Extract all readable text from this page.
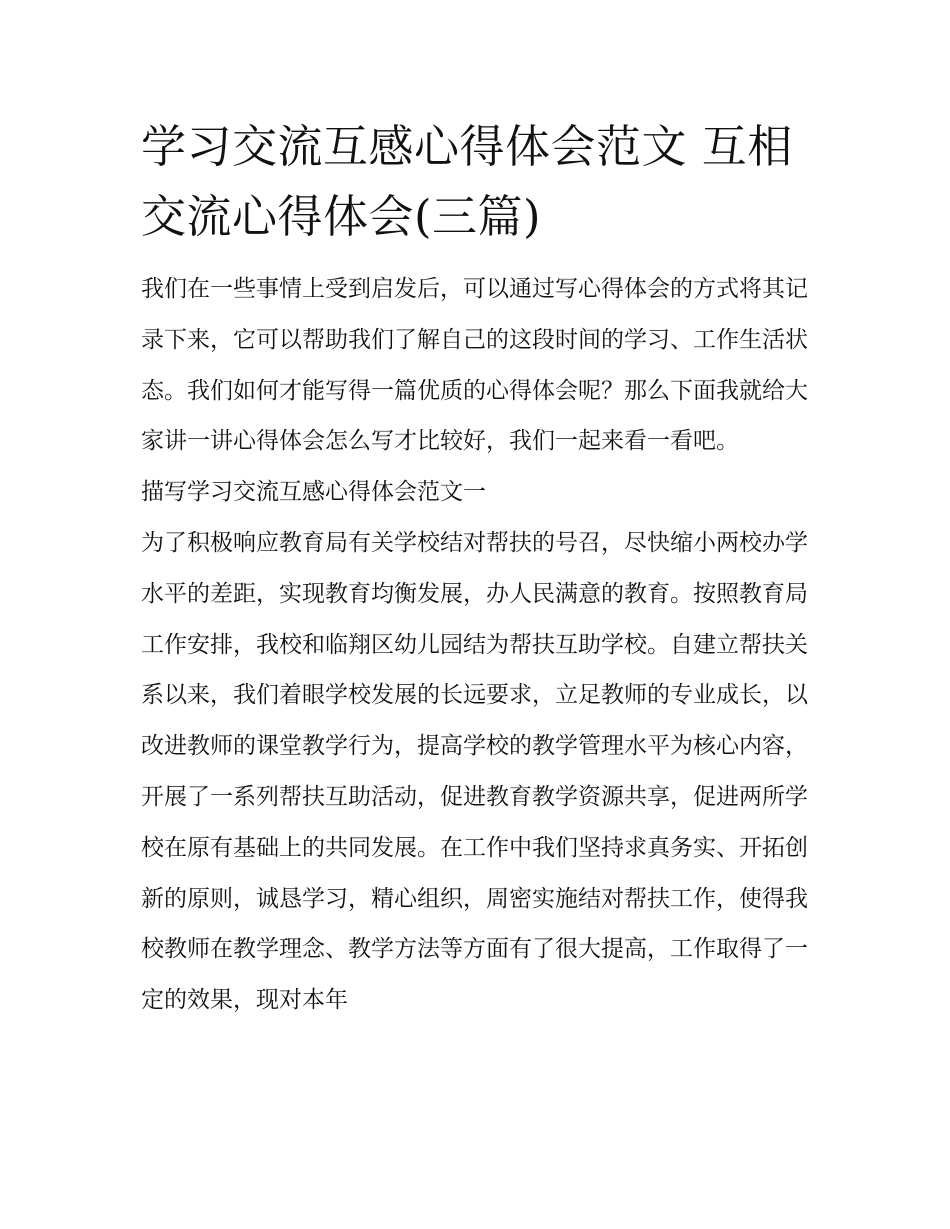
学习交流互感心得体会范文 互相交流心得体会(三篇)

我们在一些事情上受到启发后，可以通过写心得体会的方式将其记录下来，它可以帮助我们了解自己的这段时间的学习、工作生活状态。我们如何才能写得一篇优质的心得体会呢？那么下面我就给大家讲一讲心得体会怎么写才比较好，我们一起来看一看吧。

描写学习交流互感心得体会范文一

为了积极响应教育局有关学校结对帮扶的号召，尽快缩小两校办学水平的差距，实现教育均衡发展，办人民满意的教育。按照教育局工作安排，我校和临翔区幼儿园结为帮扶互助学校。自建立帮扶关系以来，我们着眼学校发展的长远要求，立足教师的专业成长，以改进教师的课堂教学行为，提高学校的教学管理水平为核心内容，开展了一系列帮扶互助活动，促进教育教学资源共享，促进两所学校在原有基础上的共同发展。在工作中我们坚持求真务实、开拓创新的原则，诚恳学习，精心组织，周密实施结对帮扶工作，使得我校教师在教学理念、教学方法等方面有了很大提高，工作取得了一定的效果，现对本年
